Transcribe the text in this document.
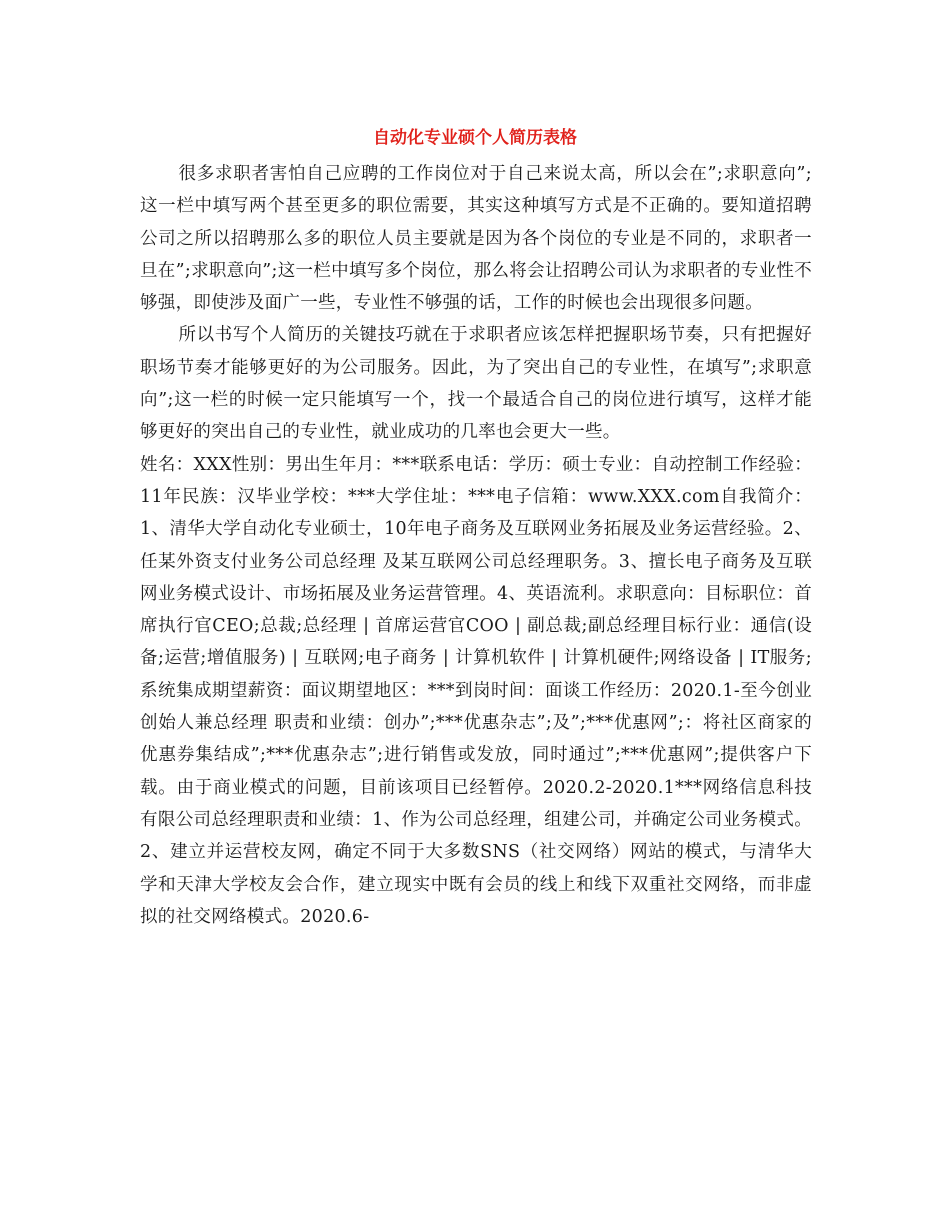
自动化专业硕个人简历表格

很多求职者害怕自己应聘的工作岗位对于自己来说太高，所以会在”;求职意向”;这一栏中填写两个甚至更多的职位需要，其实这种填写方式是不正确的。要知道招聘公司之所以招聘那么多的职位人员主要就是因为各个岗位的专业是不同的，求职者一旦在”;求职意向”;这一栏中填写多个岗位，那么将会让招聘公司认为求职者的专业性不够强，即使涉及面广一些，专业性不够强的话，工作的时候也会出现很多问题。

所以书写个人简历的关键技巧就在于求职者应该怎样把握职场节奏，只有把握好职场节奏才能够更好的为公司服务。因此，为了突出自己的专业性，在填写”;求职意向”;这一栏的时候一定只能填写一个，找一个最适合自己的岗位进行填写，这样才能够更好的突出自己的专业性，就业成功的几率也会更大一些。

姓名：XXX性别：男出生年月：***联系电话：学历：硕士专业：自动控制工作经验：11年民族：汉毕业学校：***大学住址：***电子信箱：www.XXX.com自我简介：1、清华大学自动化专业硕士，10年电子商务及互联网业务拓展及业务运营经验。2、任某外资支付业务公司总经理 及某互联网公司总经理职务。3、擅长电子商务及互联网业务模式设计、市场拓展及业务运营管理。4、英语流利。求职意向：目标职位：首席执行官CEO;总裁;总经理 | 首席运营官COO | 副总裁;副总经理目标行业：通信(设备;运营;增值服务) | 互联网;电子商务 | 计算机软件 | 计算机硬件;网络设备 | IT服务;系统集成期望薪资：面议期望地区：***到岗时间：面谈工作经历：2020.1-至今创业创始人兼总经理 职责和业绩：创办”;***优惠杂志”;及”;***优惠网”;：将社区商家的优惠券集结成”;***优惠杂志”;进行销售或发放，同时通过”;***优惠网”;提供客户下载。由于商业模式的问题，目前该项目已经暂停。2020.2-2020.1***网络信息科技有限公司总经理职责和业绩：1、作为公司总经理，组建公司，并确定公司业务模式。2、建立并运营校友网，确定不同于大多数SNS（社交网络）网站的模式，与清华大学和天津大学校友会合作，建立现实中既有会员的线上和线下双重社交网络，而非虚拟的社交网络模式。2020.6-
